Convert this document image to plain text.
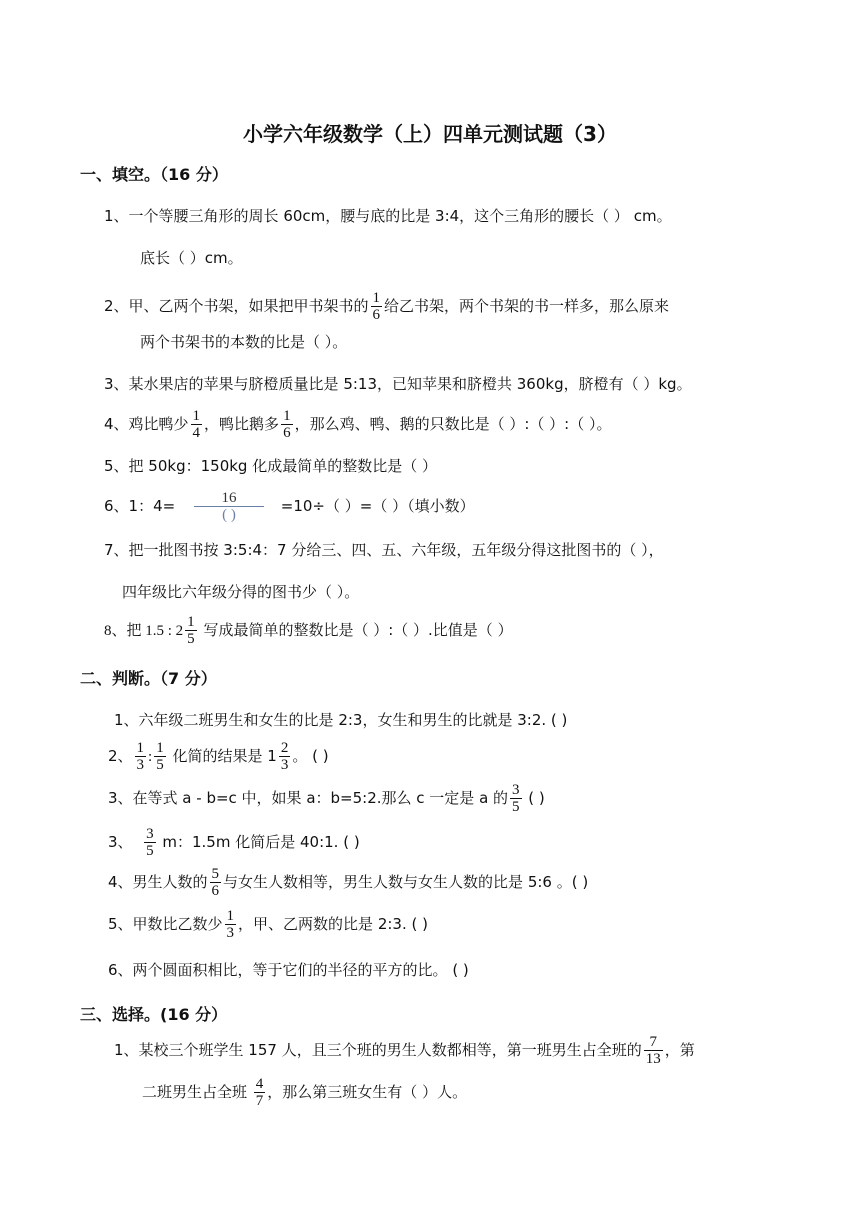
小学六年级数学（上）四单元测试题（3）
一、填空。（16 分）
1、一个等腰三角形的周长 60cm，腰与底的比是 3:4，这个三角形的腰长（ ） cm。
底长（ ）cm。
2、甲、乙两个书架，如果把甲书架书的 $\frac{1}{6}$ 给乙书架，两个书架的书一样多，那么原来
两个书架书的本数的比是（ ）。
3、某水果店的苹果与脐橙质量比是 5:13，已知苹果和脐橙共 360kg，脐橙有（ ）kg。
4、鸡比鸭少 $\frac{1}{4}$ ，鸭比鹅多 $\frac{1}{6}$ ，那么鸡、鸭、鹅的只数比是（ ）:（ ）:（ ）。
5、把 50kg：150kg 化成最简单的整数比是（ ）
6、1：4=	16
( )	=10÷（ ）=（ ）（填小数）
7、把一批图书按 3:5:4：7 分给三、四、五、六年级，五年级分得这批图书的（ ），
四年级比六年级分得的图书少（ ）。
8、把 1.5 : $2 \frac{1}{5}$ 写成最简单的整数比是（ ）:（ ）.比值是（ ）
二、判断。（7 分）
1、六年级二班男生和女生的比是 2:3，女生和男生的比就是 3:2. ( )
2、 $\frac{1}{3}$ : $\frac{1}{5}$ 化简的结果是 $1 \frac{2}{3}$ 。 ( )
3、在等式 a - b=c 中，如果 a：b=5:2.那么 c 一定是 a 的 $\frac{3}{5}$ ( )
3、 $\frac{3}{5}$ m：1.5m 化简后是 40:1. ( )
4、男生人数的 $\frac{5}{6}$ 与女生人数相等，男生人数与女生人数的比是 5:6 。( )
5、甲数比乙数少 $\frac{1}{3}$ ，甲、乙两数的比是 2:3. ( )
6、两个圆面积相比，等于它们的半径的平方的比。 ( )
三、选择。(16 分）
1、某校三个班学生 157 人，且三个班的男生人数都相等，第一班男生占全班的 $\frac{7}{13}$ ，第
二班男生占全班 $\frac{4}{7}$ ，那么第三班女生有（ ）人。
